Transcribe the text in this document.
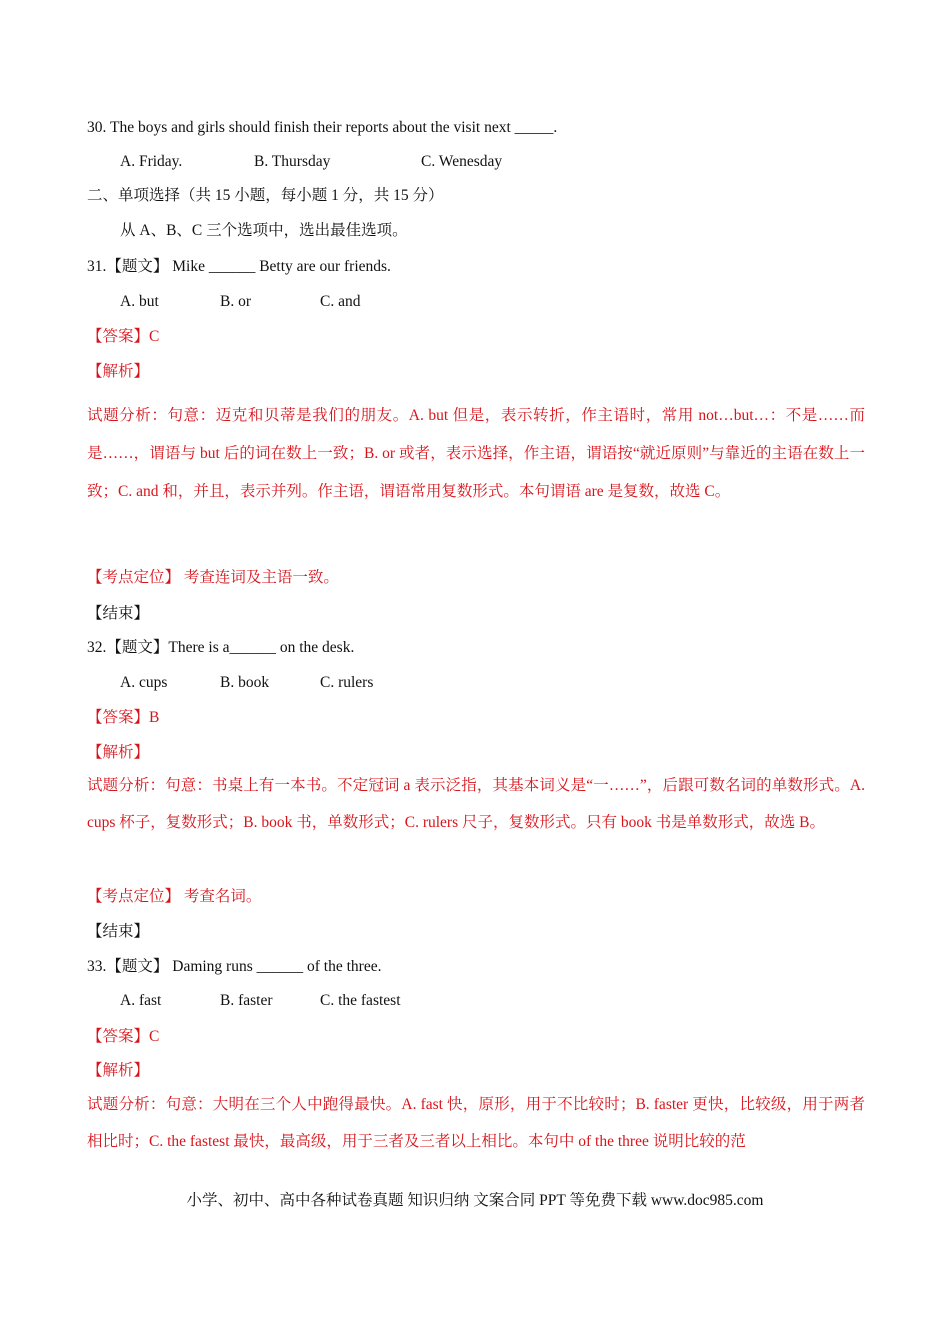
30. The boys and girls should finish their reports about the visit next _____.
A. Friday.	B. Thursday	C. Wenesday
二、单项选择（共 15 小题，每小题 1 分，共 15 分）
从 A、B、C 三个选项中，选出最佳选项。
31.【题文】 Mike ______ Betty are our friends.
A. but	B. or	C. and
【答案】C
【解析】
试题分析：句意：迈克和贝蒂是我们的朋友。A. but 但是，表示转折，作主语时，常用 not…but…：不是……而是……，谓语与 but 后的词在数上一致；B. or 或者，表示选择，作主语，谓语按“就近原则”与靠近的主语在数上一致；C. and 和，并且，表示并列。作主语，谓语常用复数形式。本句谓语 are 是复数，故选 C。
【考点定位】 考查连词及主语一致。
【结束】
32.【题文】There is a______ on the desk.
A. cups	B. book	C. rulers
【答案】B
【解析】
试题分析：句意：书桌上有一本书。不定冠词 a 表示泛指，其基本词义是“一……”，后跟可数名词的单数形式。A. cups 杯子，复数形式；B. book 书，单数形式；C. rulers 尺子，复数形式。只有 book 书是单数形式，故选 B。
【考点定位】 考查名词。
【结束】
33.【题文】 Daming runs ______ of the three.
A. fast	B. faster	C. the fastest
【答案】C
【解析】
试题分析：句意：大明在三个人中跑得最快。A. fast 快，原形，用于不比较时；B. faster 更快，比较级，用于两者相比时；C. the fastest 最快，最高级，用于三者及三者以上相比。本句中 of the three 说明比较的范
小学、初中、高中各种试卷真题 知识归纳 文案合同 PPT 等免费下载 www.doc985.com
